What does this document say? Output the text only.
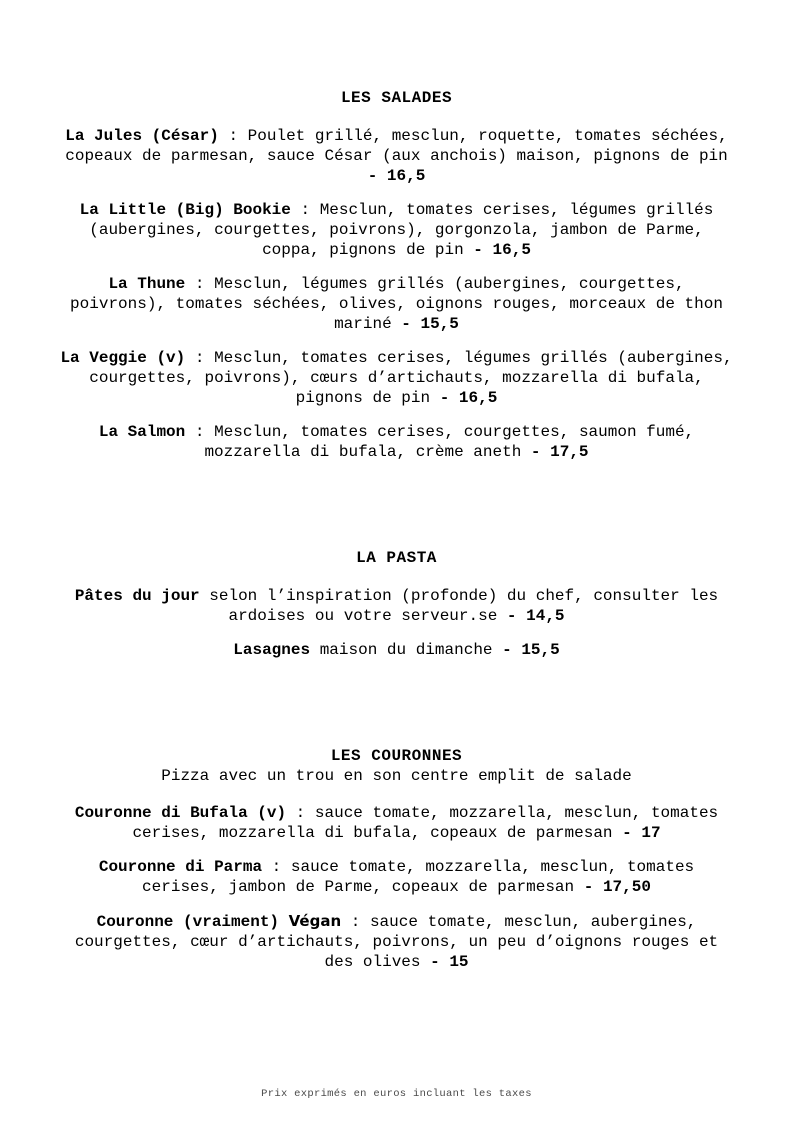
LES SALADES

La Jules (César) : Poulet grillé, mesclun, roquette, tomates séchées, copeaux de parmesan, sauce César (aux anchois) maison, pignons de pin - 16,5

La Little (Big) Bookie : Mesclun, tomates cerises, légumes grillés (aubergines, courgettes, poivrons), gorgonzola, jambon de Parme, coppa, pignons de pin - 16,5

La Thune : Mesclun, légumes grillés (aubergines, courgettes, poivrons), tomates séchées, olives, oignons rouges, morceaux de thon mariné - 15,5

La Veggie (v) : Mesclun, tomates cerises, légumes grillés (aubergines, courgettes, poivrons), cœurs d’artichauts, mozzarella di bufala, pignons de pin - 16,5

La Salmon : Mesclun, tomates cerises, courgettes, saumon fumé, mozzarella di bufala, crème aneth - 17,5

LA PASTA

Pâtes du jour selon l’inspiration (profonde) du chef, consulter les ardoises ou votre serveur.se - 14,5

Lasagnes maison du dimanche - 15,5

LES COURONNES

Pizza avec un trou en son centre emplit de salade

Couronne di Bufala (v) : sauce tomate, mozzarella, mesclun, tomates cerises, mozzarella di bufala, copeaux de parmesan - 17

Couronne di Parma : sauce tomate, mozzarella, mesclun, tomates cerises, jambon de Parme, copeaux de parmesan - 17,50

Couronne (vraiment) Végan : sauce tomate, mesclun, aubergines, courgettes, cœur d’artichauts, poivrons, un peu d’oignons rouges et des olives - 15

Prix exprimés en euros incluant les taxes
